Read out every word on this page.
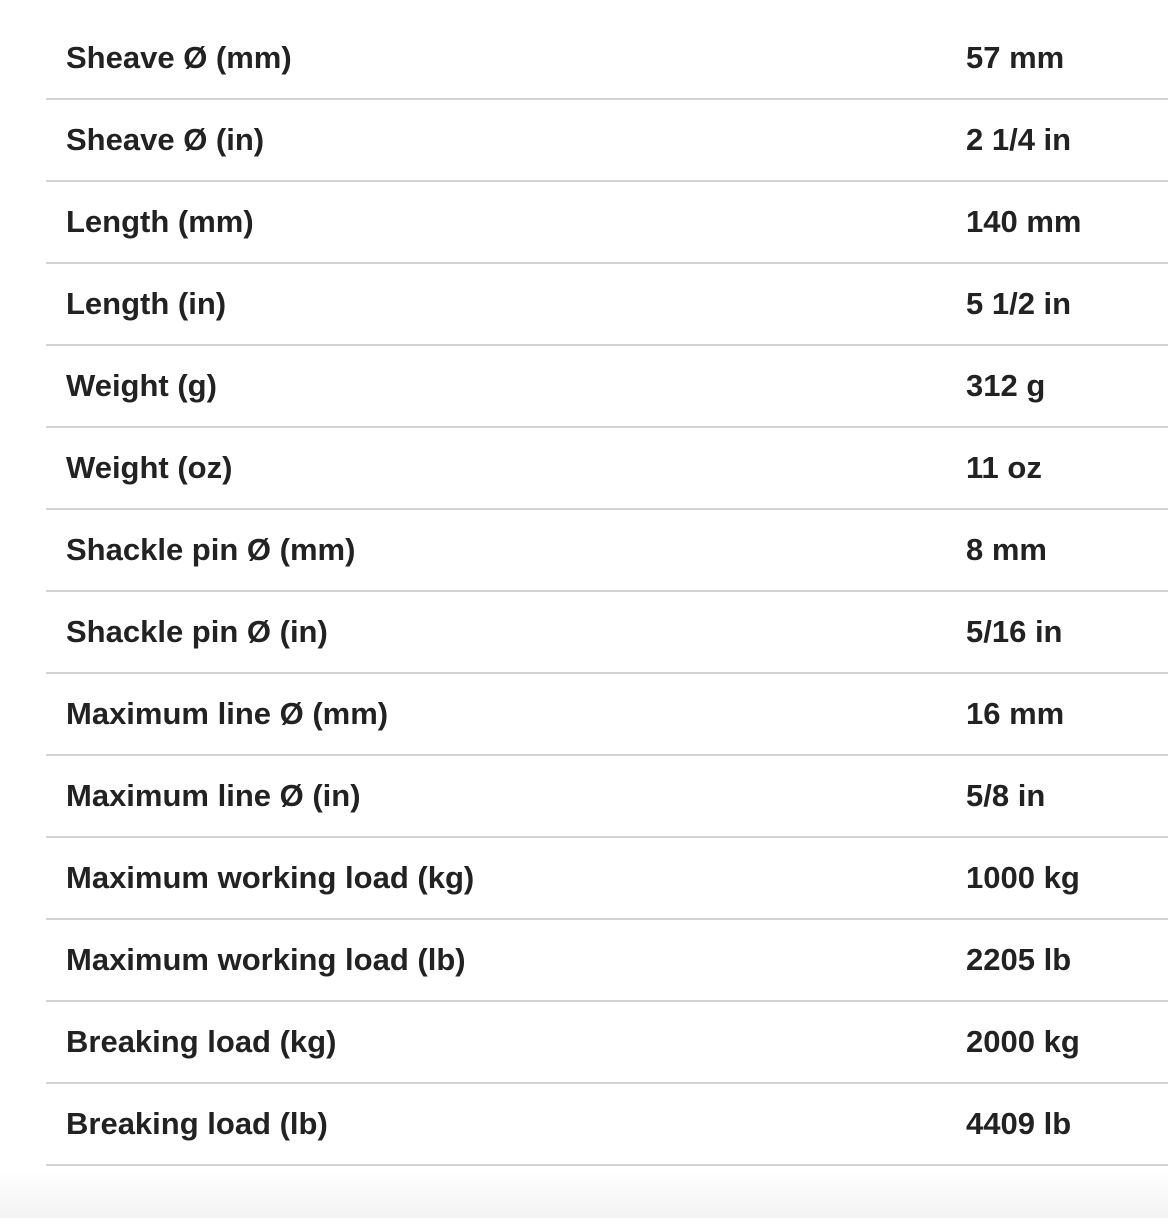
Sheave Ø (mm)	57 mm
Sheave Ø (in)	2 1/4 in
Length (mm)	140 mm
Length (in)	5 1/2 in
Weight (g)	312 g
Weight (oz)	11 oz
Shackle pin Ø (mm)	8 mm
Shackle pin Ø (in)	5/16 in
Maximum line Ø (mm)	16 mm
Maximum line Ø (in)	5/8 in
Maximum working load (kg)	1000 kg
Maximum working load (lb)	2205 lb
Breaking load (kg)	2000 kg
Breaking load (lb)	4409 lb
